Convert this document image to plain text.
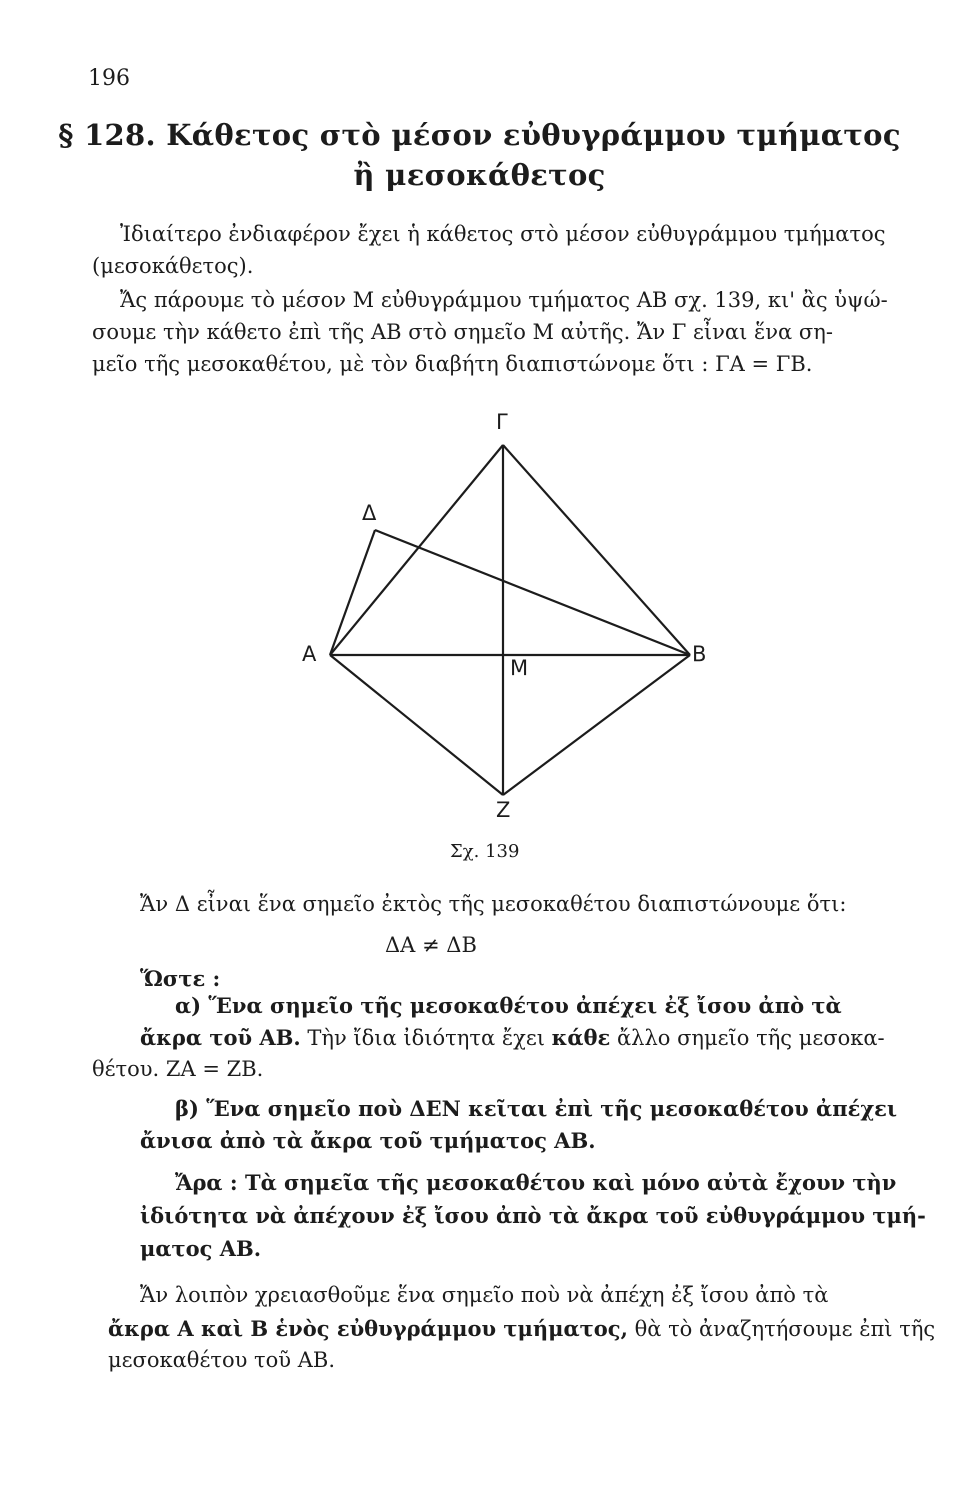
196
§ 128. Κάθετος στὸ μέσον εὐθυγράμμου τμήματος
ἢ μεσοκάθετος
Ἰδιαίτερο ἐνδιαφέρον ἔχει ἡ κάθετος στὸ μέσον εὐθυγράμμου τμήματος
(μεσοκάθετος).
Ἄς πάρουμε τὸ μέσον Μ εὐθυγράμμου τμήματος ΑΒ σχ. 139, κι' ἂς ὑψώ-
σουμε τὴν κάθετο ἐπὶ τῆς ΑΒ στὸ σημεῖο Μ αὐτῆς. Ἄν Γ εἶναι ἕνα ση-
μεῖο τῆς μεσοκαθέτου, μὲ τὸν διαβήτη διαπιστώνομε ὅτι : ΓΑ = ΓΒ.
Γ
Δ
Α	Β
Μ
Ζ
Σχ. 139
Ἄν Δ εἶναι ἕνα σημεῖο ἐκτὸς τῆς μεσοκαθέτου διαπιστώνουμε ὅτι:
ΔΑ ≠ ΔΒ
Ὥστε :
α) Ἕνα σημεῖο τῆς μεσοκαθέτου ἀπέχει ἐξ ἴσου ἀπὸ τὰ
ἄκρα τοῦ ΑΒ. Τὴν ἴδια ἰδιότητα ἔχει κάθε ἄλλο σημεῖο τῆς μεσοκα-
θέτου. ΖΑ = ΖΒ.
β) Ἕνα σημεῖο ποὺ ΔΕΝ κεῖται ἐπὶ τῆς μεσοκαθέτου ἀπέχει
ἄνισα ἀπὸ τὰ ἄκρα τοῦ τμήματος ΑΒ.
Ἄρα : Τὰ σημεῖα τῆς μεσοκαθέτου καὶ μόνο αὐτὰ ἔχουν τὴν
ἰδιότητα νὰ ἀπέχουν ἐξ ἴσου ἀπὸ τὰ ἄκρα τοῦ εὐθυγράμμου τμή-
ματος ΑΒ.
Ἄν λοιπὸν χρειασθοῦμε ἕνα σημεῖο ποὺ νὰ ἀπέχη ἐξ ἴσου ἀπὸ τὰ
ἄκρα Α καὶ Β ἑνὸς εὐθυγράμμου τμήματος, θὰ τὸ ἀναζητήσουμε ἐπὶ τῆς
μεσοκαθέτου τοῦ ΑΒ.
